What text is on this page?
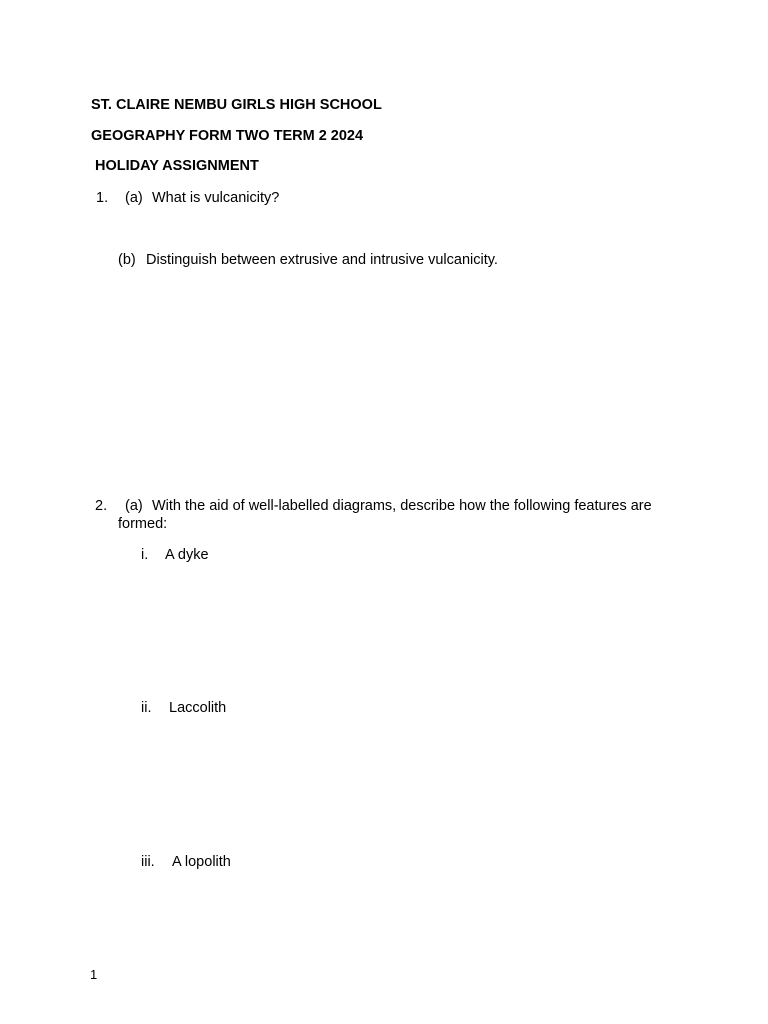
ST. CLAIRE NEMBU GIRLS HIGH SCHOOL
GEOGRAPHY FORM TWO TERM 2 2024
HOLIDAY ASSIGNMENT
1. (a) What is vulcanicity?
(b) Distinguish between extrusive and intrusive vulcanicity.
2. (a) With the aid of well-labelled diagrams, describe how the following features are
formed:
i. A dyke
ii. Laccolith
iii. A lopolith
1
